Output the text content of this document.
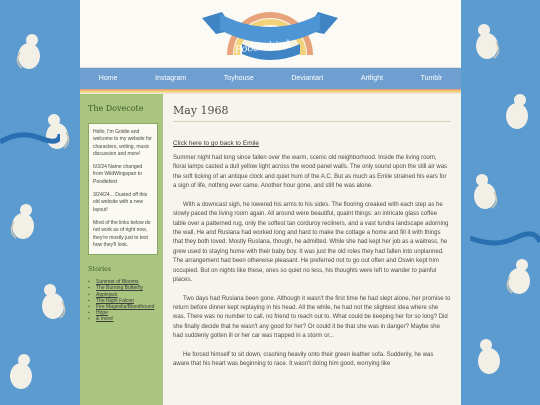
Poodlebird
Home	Instagram	Toyhouse	Deviantart	Artfight	Tumblr
The Dovecote

Hello, I'm Goldie and welcome to my website for characters, writing, music discussion and more!

6/3/24 Name changed from WildWingspan to Poodlebird

3/24/24... Dusted off this old website with a new layout!

Most of the links below do not work as of right now, they're mostly just to test how they'll look.

Stories
▪ Summer of Blooms
▪ The Burning Butterfly
▪ Applejack
▪ The Night Falcon
▪ Fire Magnolia/Bloodhound
▪ Hope
▪ & more!
May 1968
Click here to go back to Emile

Summer night had long since fallen over the warm, scenic old neighborhood. Inside the living room, floral lamps casted a dull yellow light across the wood panel walls. The only sound upon the still air was the soft ticking of an antique clock and quiet hum of the A.C. But as much as Emile strained his ears for a sign of life, nothing ever came. Another hour gone, and still he was alone.

With a downcast sigh, he lowered his arms to his sides. The flooring creaked with each step as he slowly paced the living room again. All around were beautiful, quaint things: an intricate glass coffee table over a patterned rug, only the softest tan corduroy recliners, and a vast tundra landscape adorning the wall. He and Ruslana had worked long and hard to make the cottage a home and fill it with things that they both loved. Mostly Ruslana, though, he admitted. While she had kept her job as a waitress, he grew used to staying home with their baby boy. It was just the old roles they had fallen into unplanned. The arrangement had been otherwise pleasant. He preferred not to go out often and Oswin kept him occupied. But on nights like these, ones so quiet no less, his thoughts were left to wander to painful places.

Two days had Ruslana been gone. Although it wasn't the first time he had slept alone, her promise to return before dinner kept replaying in his head. All the while, he had not the slightest idea where she was. There was no number to call, no friend to reach out to. What could be keeping her for so long? Did she finally decide that he wasn't any good for her? Or could it be that she was in danger? Maybe she had suddenly gotten ill or her car was trapped in a storm or...

He forced himself to sit down, crashing heavily onto their green leather sofa. Suddenly, he was aware that his heart was beginning to race. It wasn't doing him good, worrying like
